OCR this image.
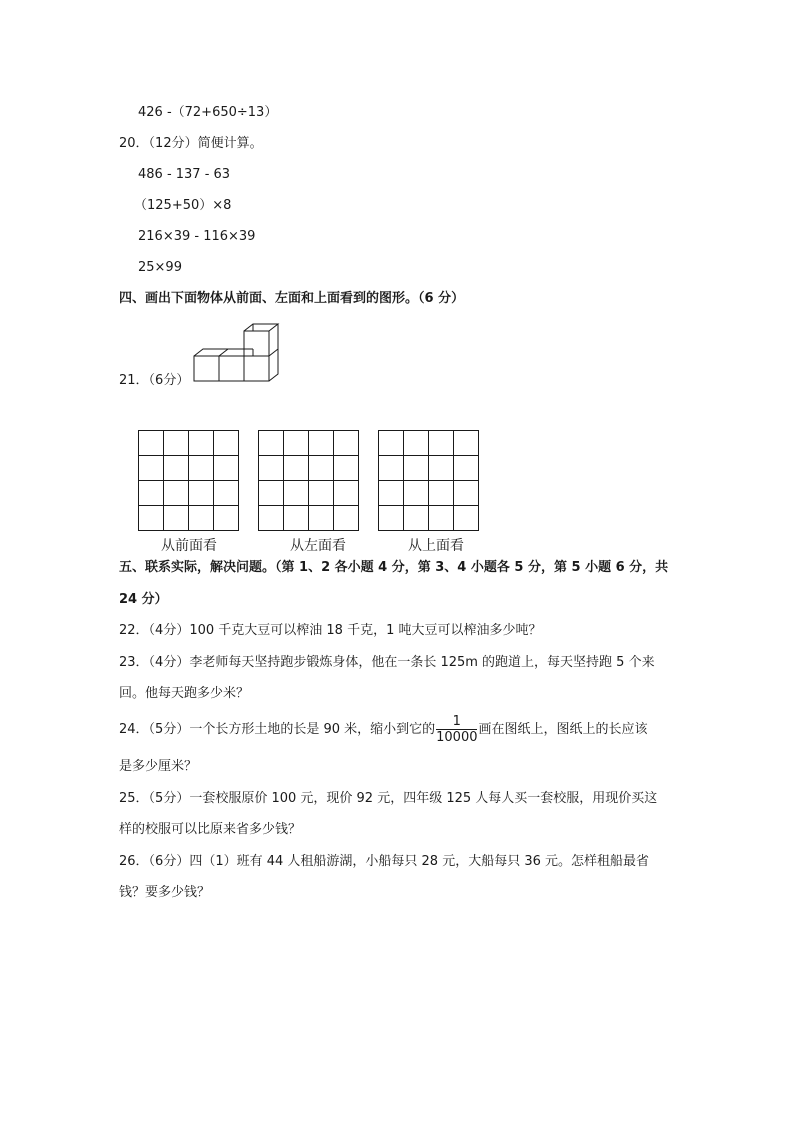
426 -（72+650÷13）
20．（12分）简便计算。
486 - 137 - 63
（125+50）×8
216×39 - 116×39
25×99
四、画出下面物体从前面、左面和上面看到的图形。（6 分）
21．（6分）
从前面看	从左面看	从上面看
五、联系实际，解决问题。（第 1、2 各小题 4 分，第 3、4 小题各 5 分，第 5 小题 6 分，共
24 分）
22．（4分）100 千克大豆可以榨油 18 千克，1 吨大豆可以榨油多少吨？
23．（4分）李老师每天坚持跑步锻炼身体，他在一条长 125m 的跑道上，每天坚持跑 5 个来
回。他每天跑多少米？
24．（5分）一个长方形土地的长是 90 米，缩小到它的 $\frac{1}{10000}$ 画在图纸上，图纸上的长应该
是多少厘米？
25．（5分）一套校服原价 100 元，现价 92 元，四年级 125 人每人买一套校服，用现价买这
样的校服可以比原来省多少钱？
26．（6分）四（1）班有 44 人租船游湖，小船每只 28 元，大船每只 36 元。怎样租船最省
钱？要多少钱？
